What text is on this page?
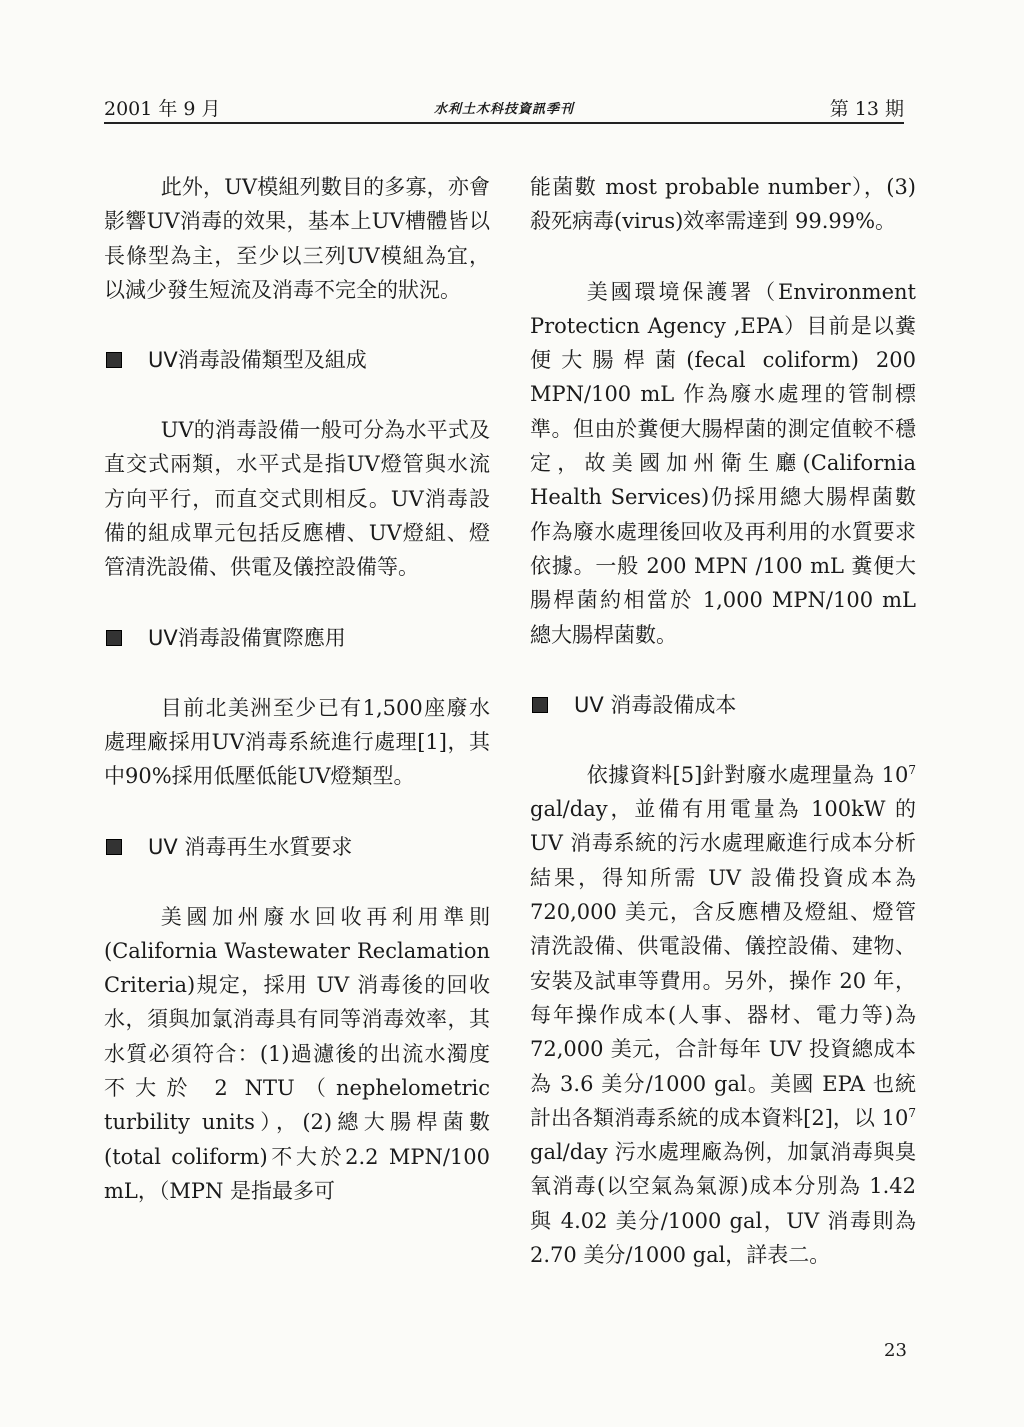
2001 年 9 月	水利土木科技資訊季刊	第 13 期

此外，UV模組列數目的多寡，亦會影響UV消毒的效果，基本上UV槽體皆以長條型為主，至少以三列UV模組為宜，以減少發生短流及消毒不完全的狀況。

UV消毒設備類型及組成

UV的消毒設備一般可分為水平式及直交式兩類，水平式是指UV燈管與水流方向平行，而直交式則相反。UV消毒設備的組成單元包括反應槽、UV燈組、燈管清洗設備、供電及儀控設備等。

UV消毒設備實際應用

目前北美洲至少已有1,500座廢水處理廠採用UV消毒系統進行處理[1]，其中90%採用低壓低能UV燈類型。

UV 消毒再生水質要求

美國加州廢水回收再利用準則(California Wastewater Reclamation Criteria)規定，採用 UV 消毒後的回收水，須與加氯消毒具有同等消毒效率，其水質必須符合：(1)過濾後的出流水濁度不大於 2 NTU（nephelometric turbility units），(2)總大腸桿菌數(total coliform)不大於2.2 MPN/100 mL，（MPN 是指最多可

能菌數 most probable number），(3)殺死病毒(virus)效率需達到 99.99%。

美國環境保護署（Environment Protecticn Agency ,EPA）目前是以糞便大腸桿菌(fecal coliform) 200 MPN/100 mL 作為廢水處理的管制標準。但由於糞便大腸桿菌的測定值較不穩定，故美國加州衛生廳(California Health Services)仍採用總大腸桿菌數作為廢水處理後回收及再利用的水質要求依據。一般 200 MPN /100 mL 糞便大腸桿菌約相當於 1,000 MPN/100 mL 總大腸桿菌數。

UV 消毒設備成本

依據資料[5]針對廢水處理量為 $10^7$ gal/day，並備有用電量為 100kW 的 UV 消毒系統的污水處理廠進行成本分析結果，得知所需 UV 設備投資成本為 720,000 美元，含反應槽及燈組、燈管清洗設備、供電設備、儀控設備、建物、安裝及試車等費用。另外，操作 20 年，每年操作成本(人事、器材、電力等)為 72,000 美元，合計每年 UV 投資總成本為 3.6 美分/1000 gal。美國 EPA 也統計出各類消毒系統的成本資料[2]，以 $10^7$ gal/day 污水處理廠為例，加氯消毒與臭氧消毒(以空氣為氣源)成本分別為 1.42 與 4.02 美分/1000 gal，UV 消毒則為 2.70 美分/1000 gal，詳表二。

23
